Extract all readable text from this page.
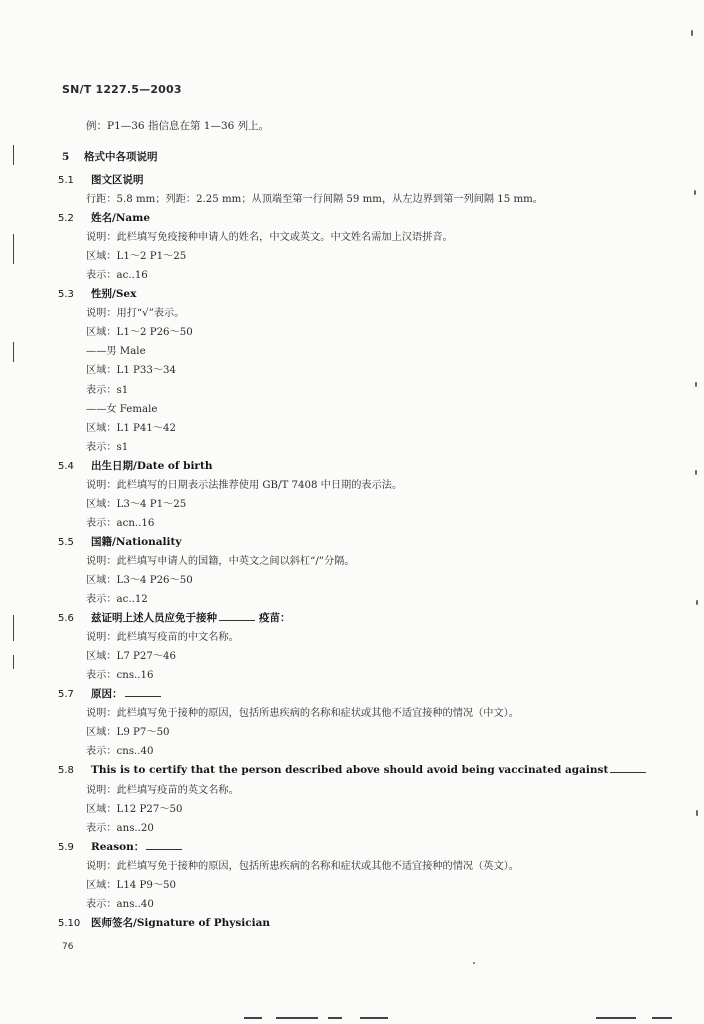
SN/T 1227.5—2003
例：P1—36 指信息在第 1—36 列上。
5 格式中各项说明
5.1	图文区说明
行距：5.8 mm；列距：2.25 mm；从顶端至第一行间隔 59 mm，从左边界到第一列间隔 15 mm。
5.2	姓名/Name
说明：此栏填写免疫接种申请人的姓名，中文或英文。中文姓名需加上汉语拼音。
区域：L1～2 P1～25
表示：ac..16
5.3	性别/Sex
说明：用打“√”表示。
区域：L1～2 P26～50
——男 Male
区域：L1 P33～34
表示：s1
——女 Female
区域：L1 P41～42
表示：s1
5.4	出生日期/Date of birth
说明：此栏填写的日期表示法推荐使用 GB/T 7408 中日期的表示法。
区域：L3～4 P1～25
表示：acn..16
5.5	国籍/Nationality
说明：此栏填写申请人的国籍，中英文之间以斜杠“/”分隔。
区域：L3～4 P26～50
表示：ac..12
5.6	兹证明上述人员应免于接种	疫苗：
说明：此栏填写疫苗的中文名称。
区域：L7 P27～46
表示：cns..16
5.7	原因：
说明：此栏填写免于接种的原因，包括所患疾病的名称和症状或其他不适宜接种的情况（中文）。
区域：L9 P7～50
表示：cns..40
5.8	This is to certify that the person described above should avoid being vaccinated against
说明：此栏填写疫苗的英文名称。
区域：L12 P27～50
表示：ans..20
5.9	Reason：
说明：此栏填写免于接种的原因，包括所患疾病的名称和症状或其他不适宜接种的情况（英文）。
区域：L14 P9～50
表示：ans..40
5.10	医师签名/Signature of Physician
76
